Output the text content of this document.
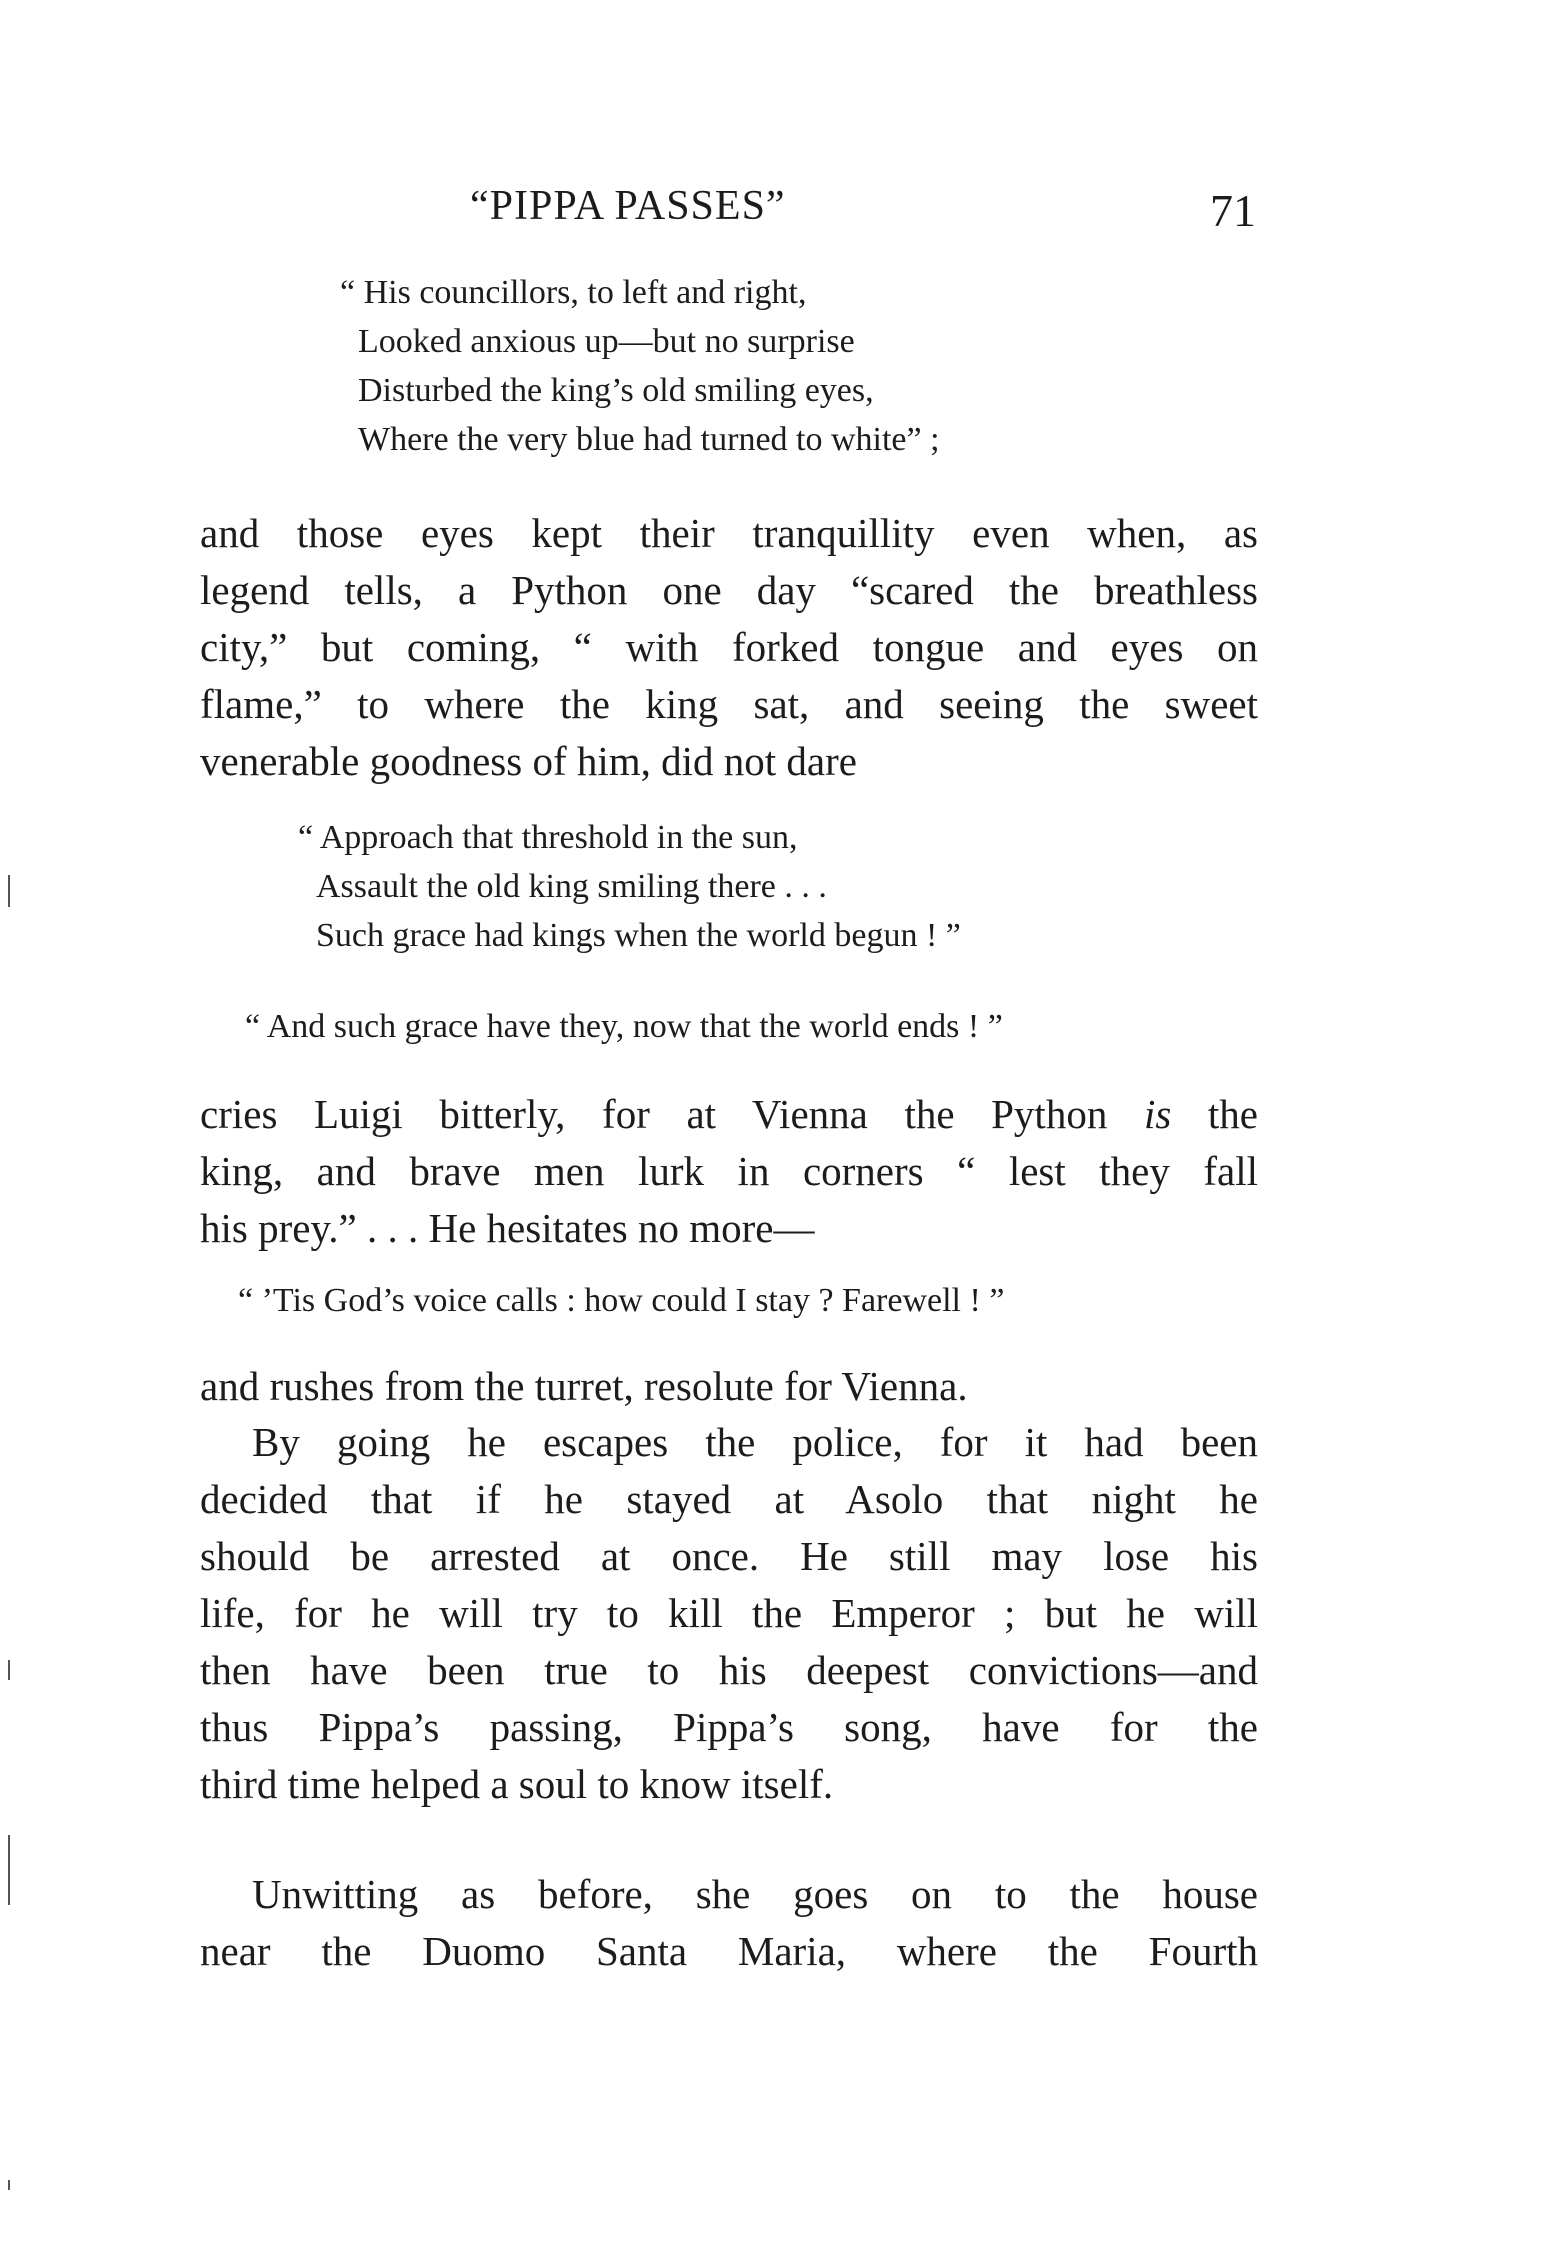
“PIPPA PASSES”	71
“ His councillors, to left and right,
Looked anxious up—but no surprise
Disturbed the king’s old smiling eyes,
Where the very blue had turned to white” ;
and those eyes kept their tranquillity even when, as
legend tells, a Python one day “scared the breathless
city,” but coming, “ with forked tongue and eyes on
flame,” to where the king sat, and seeing the sweet
venerable goodness of him, did not dare
“ Approach that threshold in the sun,
Assault the old king smiling there . . .
Such grace had kings when the world begun ! ”
“ And such grace have they, now that the world ends ! ”
cries Luigi bitterly, for at Vienna the Python is the
king, and brave men lurk in corners “ lest they fall
his prey.” . . . He hesitates no more—
“ ’Tis God’s voice calls : how could I stay ? Farewell ! ”
and rushes from the turret, resolute for Vienna.
By going he escapes the police, for it had been
decided that if he stayed at Asolo that night he
should be arrested at once. He still may lose his
life, for he will try to kill the Emperor ; but he will
then have been true to his deepest convictions—and
thus Pippa’s passing, Pippa’s song, have for the
third time helped a soul to know itself.
Unwitting as before, she goes on to the house
near the Duomo Santa Maria, where the Fourth
